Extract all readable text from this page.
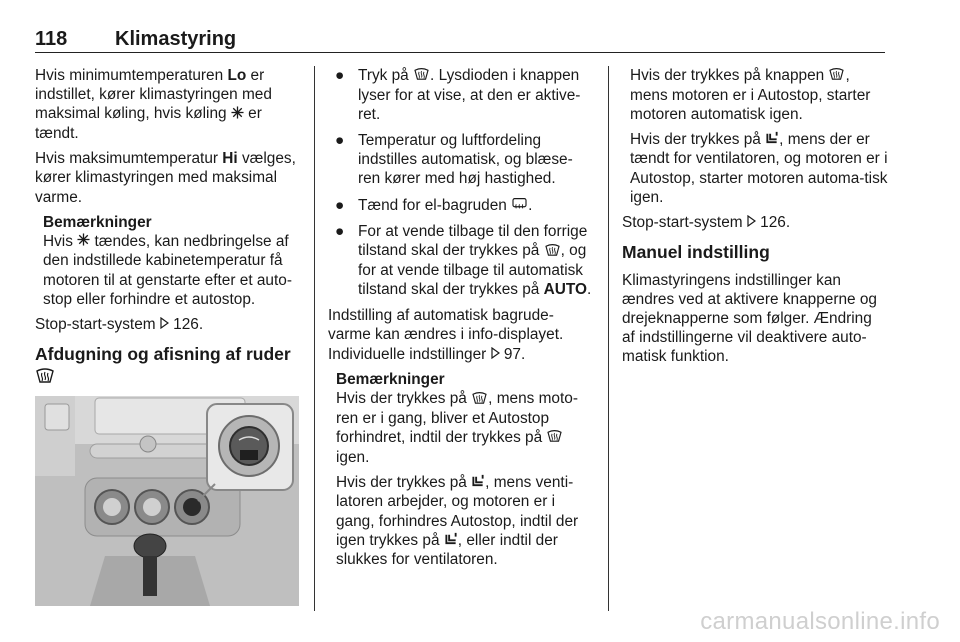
118 Klimastyring

Hvis minimumtemperaturen Lo er indstillet, kører klimastyringen med maksimal køling, hvis køling  er tændt.

Hvis maksimumtemperatur Hi vælges, kører klimastyringen med maksimal varme.

Bemærkninger
Hvis  tændes, kan nedbringelse af den indstillede kabinetemperatur få motoren til at genstarte efter et auto-stop eller forhindre et autostop.

Stop-start-system  126.

Afdugning og afisning af ruder
● Tryk på . Lysdioden i knappen lyser for at vise, at den er aktive-ret.
● Temperatur og luftfordeling indstilles automatisk, og blæse-ren kører med høj hastighed.
● Tænd for el-bagruden .
● For at vende tilbage til den forrige tilstand skal der trykkes på , og for at vende tilbage til automatisk tilstand skal der trykkes på AUTO.

Indstilling af automatisk bagrude-varme kan ændres i info-displayet.

Individuelle indstillinger  97.

Bemærkninger

Hvis der trykkes på , mens moto-ren er i gang, bliver et Autostop forhindret, indtil der trykkes på  igen.

Hvis der trykkes på , mens venti-latoren arbejder, og motoren er i gang, forhindres Autostop, indtil der igen trykkes på , eller indtil der slukkes for ventilatoren.

Hvis der trykkes på knappen , mens motoren er i Autostop, starter motoren automatisk igen.

Hvis der trykkes på , mens der er tændt for ventilatoren, og motoren er i Autostop, starter motoren automa-tisk igen.

Stop-start-system  126.

Manuel indstilling

Klimastyringens indstillinger kan ændres ved at aktivere knapperne og drejeknapperne som følger. Ændring af indstillingerne vil deaktivere auto-matisk funktion.

carmanualsonline.info
